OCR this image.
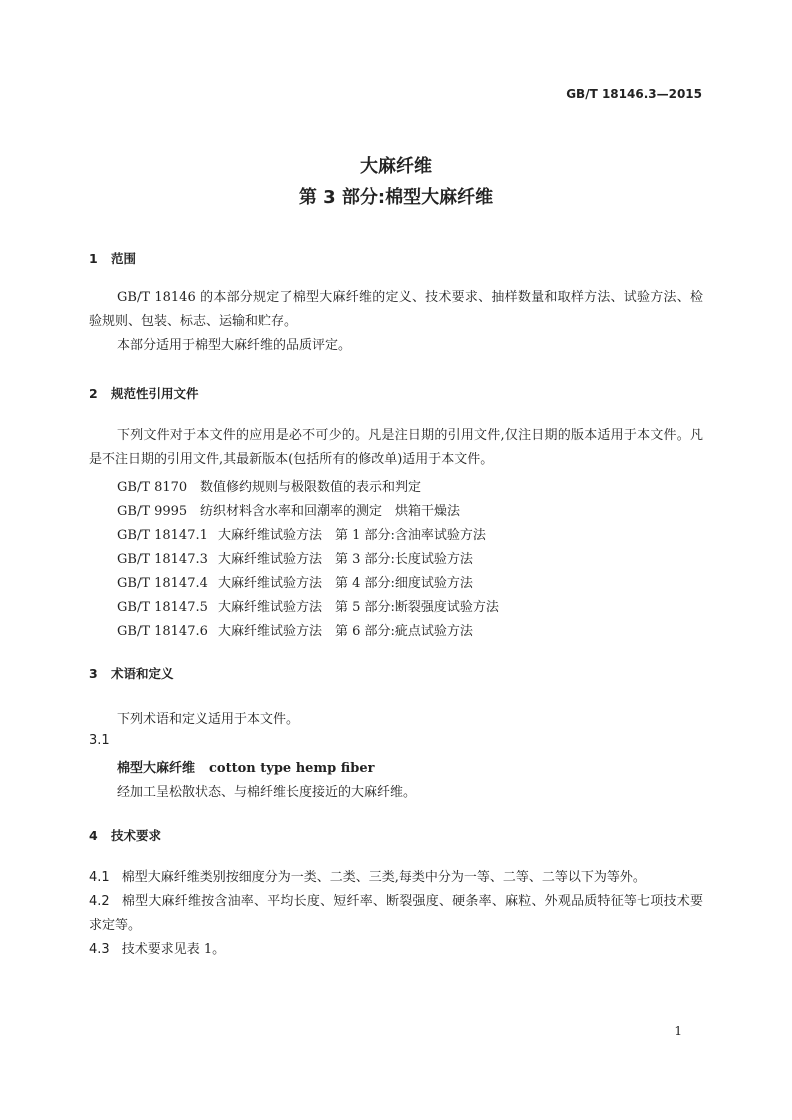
GB/T 18146.3—2015
大麻纤维
第 3 部分:棉型大麻纤维
1 范围
GB/T 18146 的本部分规定了棉型大麻纤维的定义、技术要求、抽样数量和取样方法、试验方法、检验规则、包装、标志、运输和贮存。
本部分适用于棉型大麻纤维的品质评定。
2 规范性引用文件
下列文件对于本文件的应用是必不可少的。凡是注日期的引用文件,仅注日期的版本适用于本文件。凡是不注日期的引用文件,其最新版本(包括所有的修改单)适用于本文件。
GB/T 8170 数值修约规则与极限数值的表示和判定
GB/T 9995 纺织材料含水率和回潮率的测定　烘箱干燥法
GB/T 18147.1 大麻纤维试验方法　第 1 部分:含油率试验方法
GB/T 18147.3 大麻纤维试验方法　第 3 部分:长度试验方法
GB/T 18147.4 大麻纤维试验方法　第 4 部分:细度试验方法
GB/T 18147.5 大麻纤维试验方法　第 5 部分:断裂强度试验方法
GB/T 18147.6 大麻纤维试验方法　第 6 部分:疵点试验方法
3 术语和定义
下列术语和定义适用于本文件。
3.1
棉型大麻纤维 cotton type hemp fiber
经加工呈松散状态、与棉纤维长度接近的大麻纤维。
4 技术要求
4.1 棉型大麻纤维类别按细度分为一类、二类、三类,每类中分为一等、二等、二等以下为等外。
4.2 棉型大麻纤维按含油率、平均长度、短纤率、断裂强度、硬条率、麻粒、外观品质特征等七项技术要求定等。
4.3 技术要求见表 1。
1
